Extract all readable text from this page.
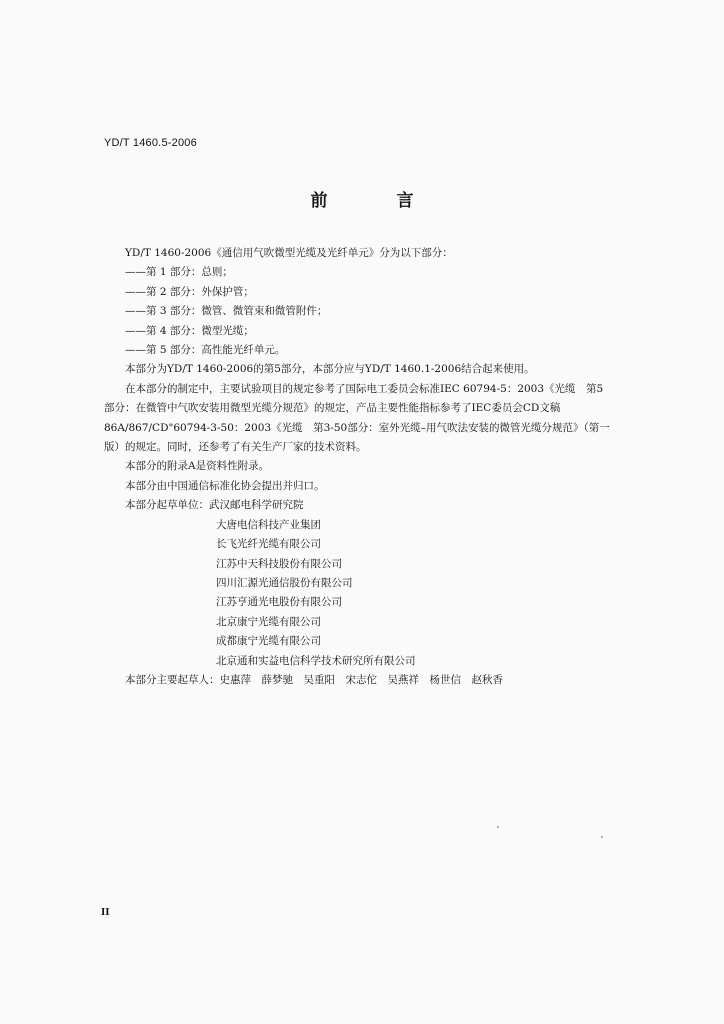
YD/T 1460.5-2006
前　言
YD/T 1460-2006《通信用气吹微型光缆及光纤单元》分为以下部分：
——第 1 部分：总则；
——第 2 部分：外保护管；
——第 3 部分：微管、微管束和微管附件；
——第 4 部分：微型光缆；
——第 5 部分：高性能光纤单元。
本部分为YD/T 1460-2006的第5部分，本部分应与YD/T 1460.1-2006结合起来使用。
在本部分的制定中，主要试验项目的规定参考了国际电工委员会标准IEC 60794-5：2003《光缆　第5
部分：在微管中气吹安装用微型光缆分规范》的规定，产品主要性能指标参考了IEC委员会CD文稿
86A/867/CD"60794-3-50：2003《光缆　第3-50部分：室外光缆–用气吹法安装的微管光缆分规范》（第一
版）的规定。同时，还参考了有关生产厂家的技术资料。
本部分的附录A是资料性附录。
本部分由中国通信标准化协会提出并归口。
本部分起草单位：武汉邮电科学研究院
大唐电信科技产业集团
长飞光纤光缆有限公司
江苏中天科技股份有限公司
四川汇源光通信股份有限公司
江苏亨通光电股份有限公司
北京康宁光缆有限公司
成都康宁光缆有限公司
北京通和实益电信科学技术研究所有限公司
本部分主要起草人：史惠萍　薛梦驰　吴重阳　宋志佗　吴燕祥　杨世信　赵秋香
II
